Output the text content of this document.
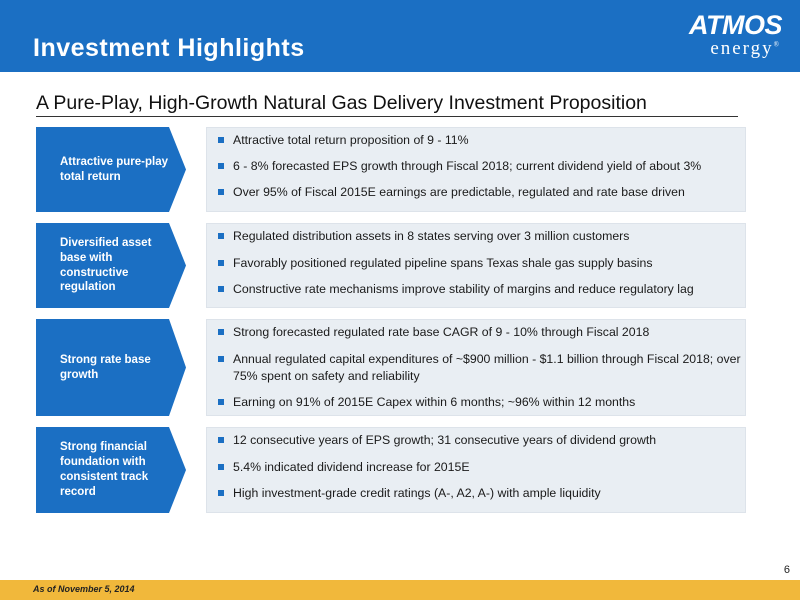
Investment Highlights
ATMOS
energy®
A Pure-Play, High-Growth Natural Gas Delivery Investment Proposition
Attractive pure-play total return
Attractive total return proposition of 9 - 11%
6 - 8% forecasted EPS growth through Fiscal 2018; current dividend yield of about 3%
Over 95% of Fiscal 2015E earnings are predictable, regulated and rate base driven
Diversified asset base with constructive regulation
Regulated distribution assets in 8 states serving over 3 million customers
Favorably positioned regulated pipeline spans Texas shale gas supply basins
Constructive rate mechanisms improve stability of margins and reduce regulatory lag
Strong rate base growth
Strong forecasted regulated rate base CAGR of 9 - 10% through Fiscal 2018
Annual regulated capital expenditures of ~$900 million - $1.1 billion through Fiscal 2018; over 75% spent on safety and reliability
Earning on 91% of 2015E Capex within 6 months; ~96% within 12 months
Strong financial foundation with consistent track record
12 consecutive years of EPS growth; 31 consecutive years of dividend growth
5.4% indicated dividend increase for 2015E
High investment-grade credit ratings (A-, A2, A-) with ample liquidity
6
As of November 5, 2014
